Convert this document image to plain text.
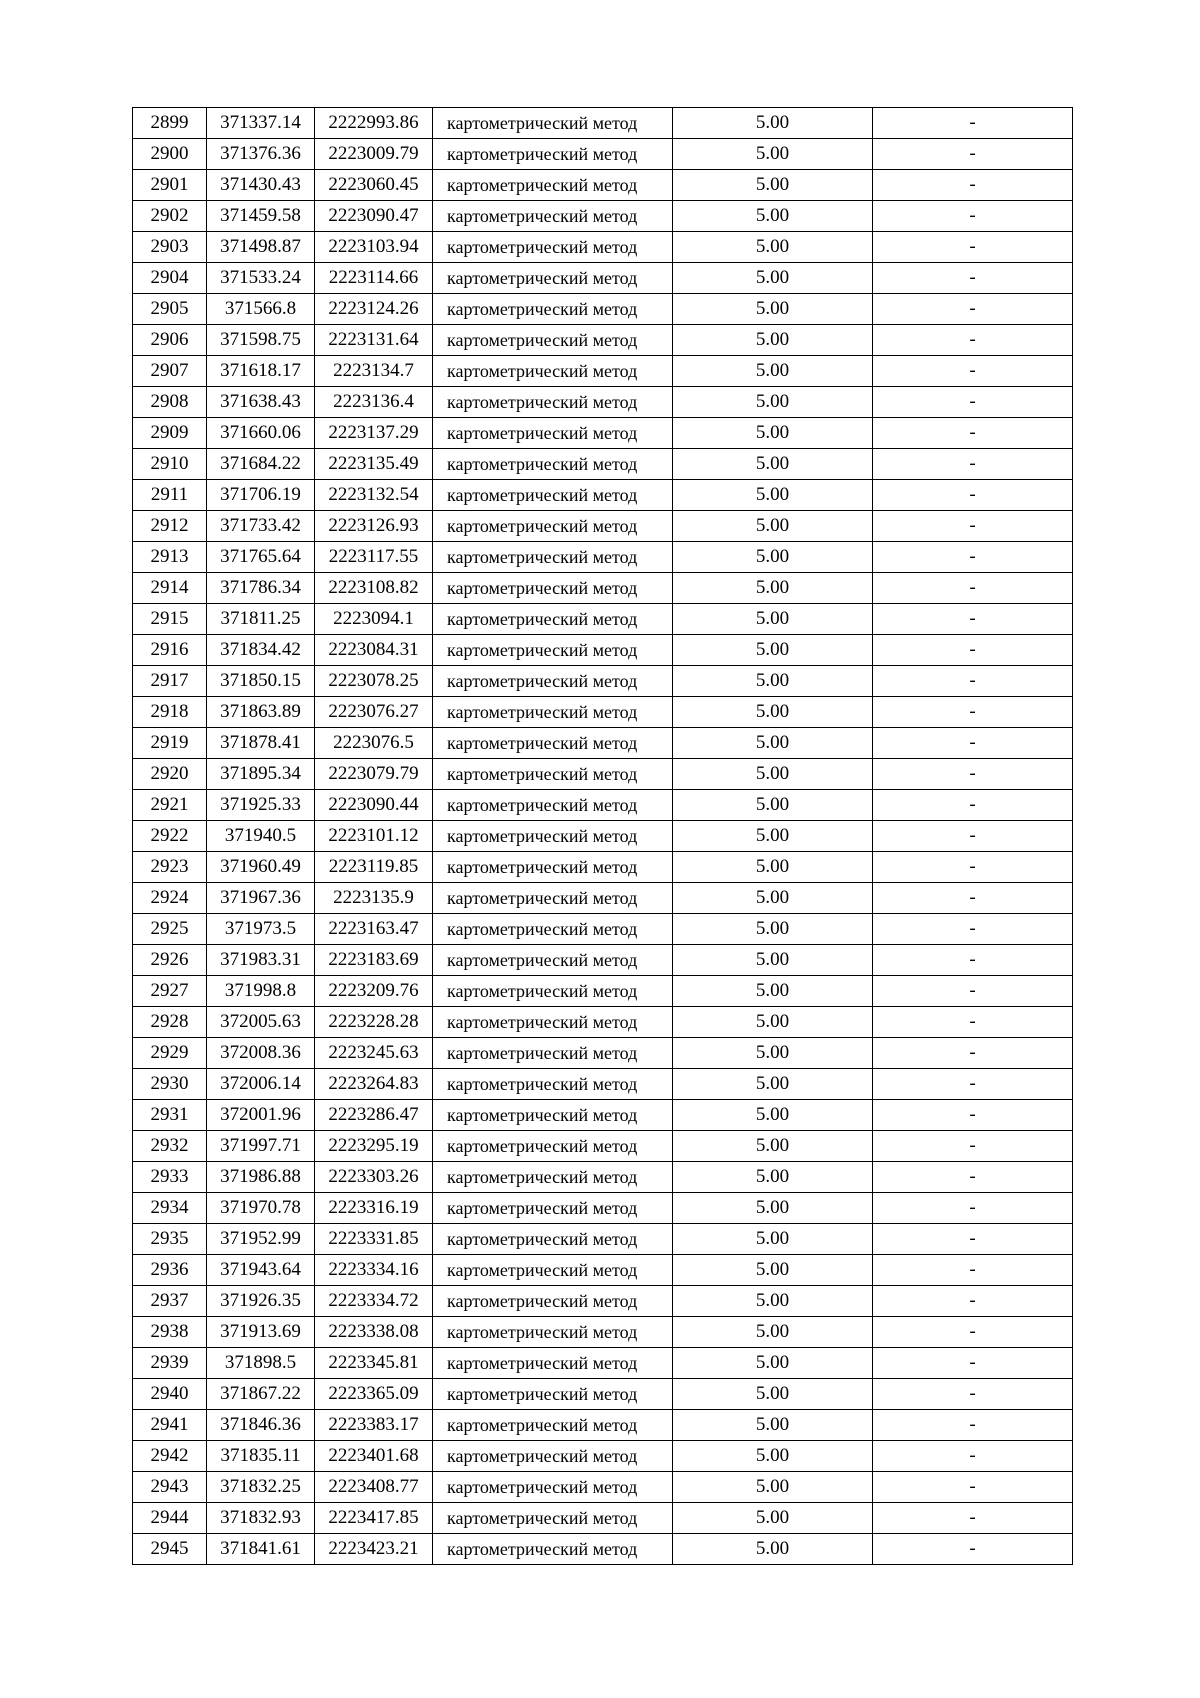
2899	371337.14	2222993.86	картометрический метод	5.00	-
2900	371376.36	2223009.79	картометрический метод	5.00	-
2901	371430.43	2223060.45	картометрический метод	5.00	-
2902	371459.58	2223090.47	картометрический метод	5.00	-
2903	371498.87	2223103.94	картометрический метод	5.00	-
2904	371533.24	2223114.66	картометрический метод	5.00	-
2905	371566.8	2223124.26	картометрический метод	5.00	-
2906	371598.75	2223131.64	картометрический метод	5.00	-
2907	371618.17	2223134.7	картометрический метод	5.00	-
2908	371638.43	2223136.4	картометрический метод	5.00	-
2909	371660.06	2223137.29	картометрический метод	5.00	-
2910	371684.22	2223135.49	картометрический метод	5.00	-
2911	371706.19	2223132.54	картометрический метод	5.00	-
2912	371733.42	2223126.93	картометрический метод	5.00	-
2913	371765.64	2223117.55	картометрический метод	5.00	-
2914	371786.34	2223108.82	картометрический метод	5.00	-
2915	371811.25	2223094.1	картометрический метод	5.00	-
2916	371834.42	2223084.31	картометрический метод	5.00	-
2917	371850.15	2223078.25	картометрический метод	5.00	-
2918	371863.89	2223076.27	картометрический метод	5.00	-
2919	371878.41	2223076.5	картометрический метод	5.00	-
2920	371895.34	2223079.79	картометрический метод	5.00	-
2921	371925.33	2223090.44	картометрический метод	5.00	-
2922	371940.5	2223101.12	картометрический метод	5.00	-
2923	371960.49	2223119.85	картометрический метод	5.00	-
2924	371967.36	2223135.9	картометрический метод	5.00	-
2925	371973.5	2223163.47	картометрический метод	5.00	-
2926	371983.31	2223183.69	картометрический метод	5.00	-
2927	371998.8	2223209.76	картометрический метод	5.00	-
2928	372005.63	2223228.28	картометрический метод	5.00	-
2929	372008.36	2223245.63	картометрический метод	5.00	-
2930	372006.14	2223264.83	картометрический метод	5.00	-
2931	372001.96	2223286.47	картометрический метод	5.00	-
2932	371997.71	2223295.19	картометрический метод	5.00	-
2933	371986.88	2223303.26	картометрический метод	5.00	-
2934	371970.78	2223316.19	картометрический метод	5.00	-
2935	371952.99	2223331.85	картометрический метод	5.00	-
2936	371943.64	2223334.16	картометрический метод	5.00	-
2937	371926.35	2223334.72	картометрический метод	5.00	-
2938	371913.69	2223338.08	картометрический метод	5.00	-
2939	371898.5	2223345.81	картометрический метод	5.00	-
2940	371867.22	2223365.09	картометрический метод	5.00	-
2941	371846.36	2223383.17	картометрический метод	5.00	-
2942	371835.11	2223401.68	картометрический метод	5.00	-
2943	371832.25	2223408.77	картометрический метод	5.00	-
2944	371832.93	2223417.85	картометрический метод	5.00	-
2945	371841.61	2223423.21	картометрический метод	5.00	-
